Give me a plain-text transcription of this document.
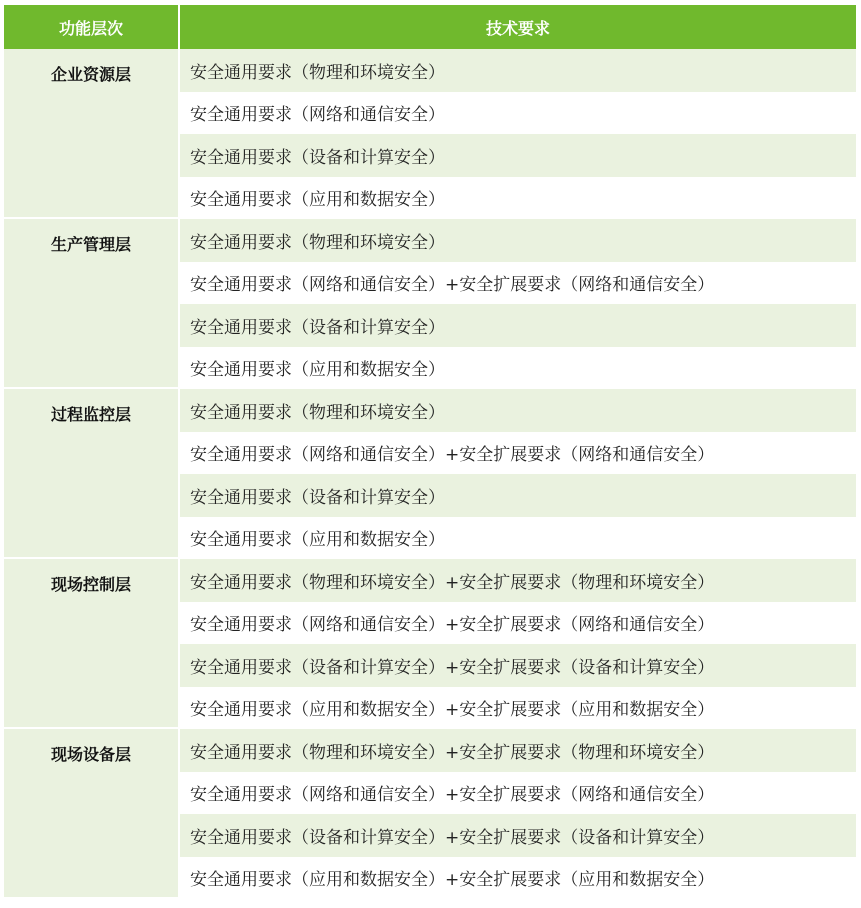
功能层次	技术要求
企业资源层	安全通用要求（物理和环境安全）
	安全通用要求（网络和通信安全）
	安全通用要求（设备和计算安全）
	安全通用要求（应用和数据安全）
生产管理层	安全通用要求（物理和环境安全）
	安全通用要求（网络和通信安全）+安全扩展要求（网络和通信安全）
	安全通用要求（设备和计算安全）
	安全通用要求（应用和数据安全）
过程监控层	安全通用要求（物理和环境安全）
	安全通用要求（网络和通信安全）+安全扩展要求（网络和通信安全）
	安全通用要求（设备和计算安全）
	安全通用要求（应用和数据安全）
现场控制层	安全通用要求（物理和环境安全）+安全扩展要求（物理和环境安全）
	安全通用要求（网络和通信安全）+安全扩展要求（网络和通信安全）
	安全通用要求（设备和计算安全）+安全扩展要求（设备和计算安全）
	安全通用要求（应用和数据安全）+安全扩展要求（应用和数据安全）
现场设备层	安全通用要求（物理和环境安全）+安全扩展要求（物理和环境安全）
	安全通用要求（网络和通信安全）+安全扩展要求（网络和通信安全）
	安全通用要求（设备和计算安全）+安全扩展要求（设备和计算安全）
	安全通用要求（应用和数据安全）+安全扩展要求（应用和数据安全）
